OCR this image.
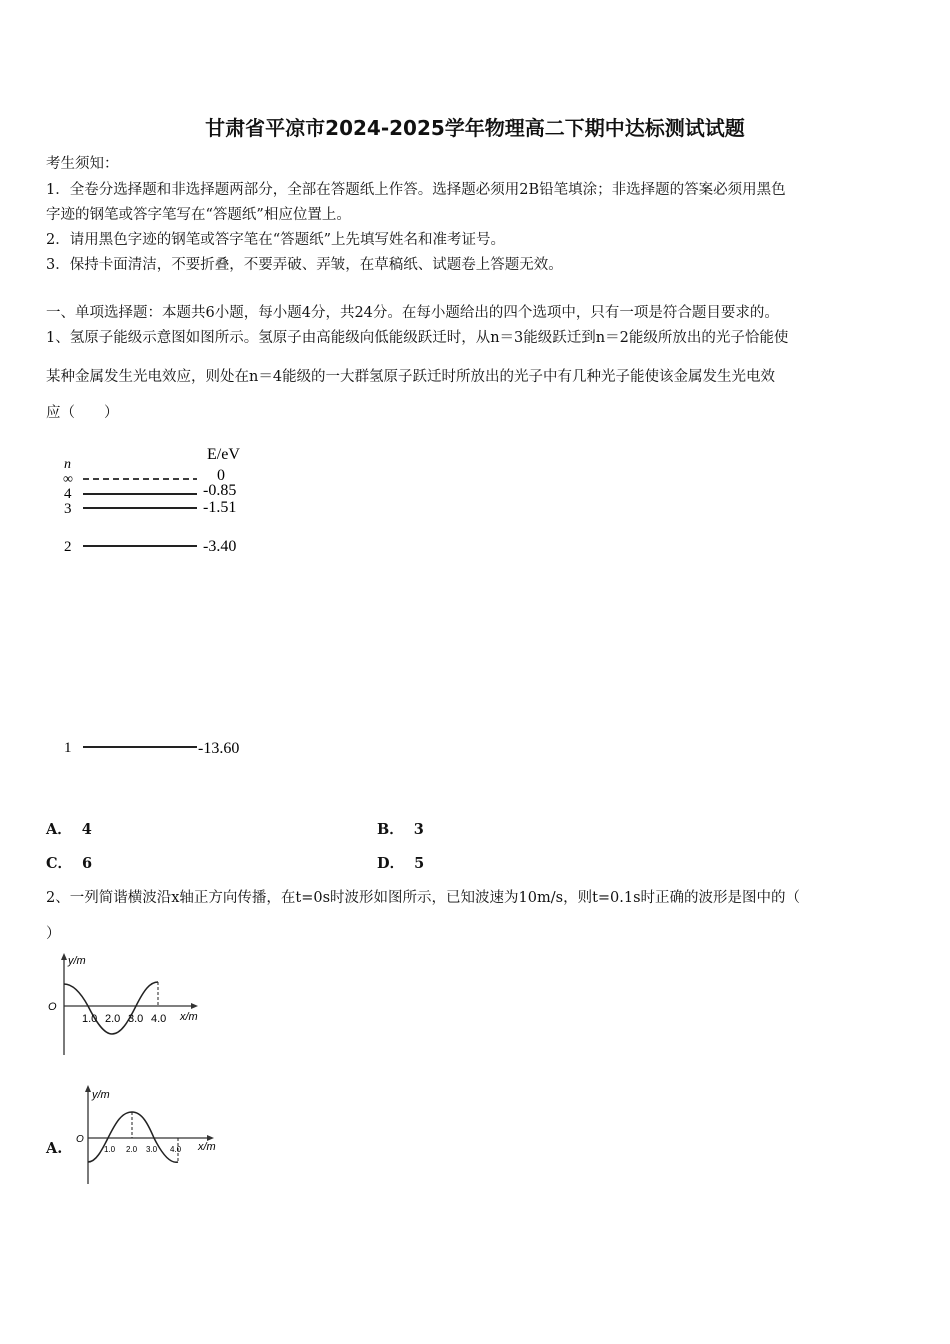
甘肃省平凉市2024-2025学年物理高二下期中达标测试试题
考生须知：
1．全卷分选择题和非选择题两部分，全部在答题纸上作答。选择题必须用2B铅笔填涂；非选择题的答案必须用黑色
字迹的钢笔或答字笔写在“答题纸”相应位置上。
2．请用黑色字迹的钢笔或答字笔在“答题纸”上先填写姓名和准考证号。
3．保持卡面清洁，不要折叠，不要弄破、弄皱，在草稿纸、试题卷上答题无效。
一、单项选择题：本题共6小题，每小题4分，共24分。在每小题给出的四个选项中，只有一项是符合题目要求的。
1、氢原子能级示意图如图所示。氢原子由高能级向低能级跃迁时，从n＝3能级跃迁到n＝2能级所放出的光子恰能使
某种金属发生光电效应，则处在n＝4能级的一大群氢原子跃迁时所放出的光子中有几种光子能使该金属发生光电效
应（　　）
n
E/eV
∞	0
4	-0.85
3	-1.51
2	-3.40
1	-13.60
A． 4	B． 3
C． 6	D． 5
2、一列简谐横波沿x轴正方向传播，在t=0s时波形如图所示，已知波速为10m/s，则t=0.1s时正确的波形是图中的（
）
y/m
x/m
O
1.0 2.0 3.0 4.0
A.
y/m
x/m
O
1.0 2.0 3.0 4.0
